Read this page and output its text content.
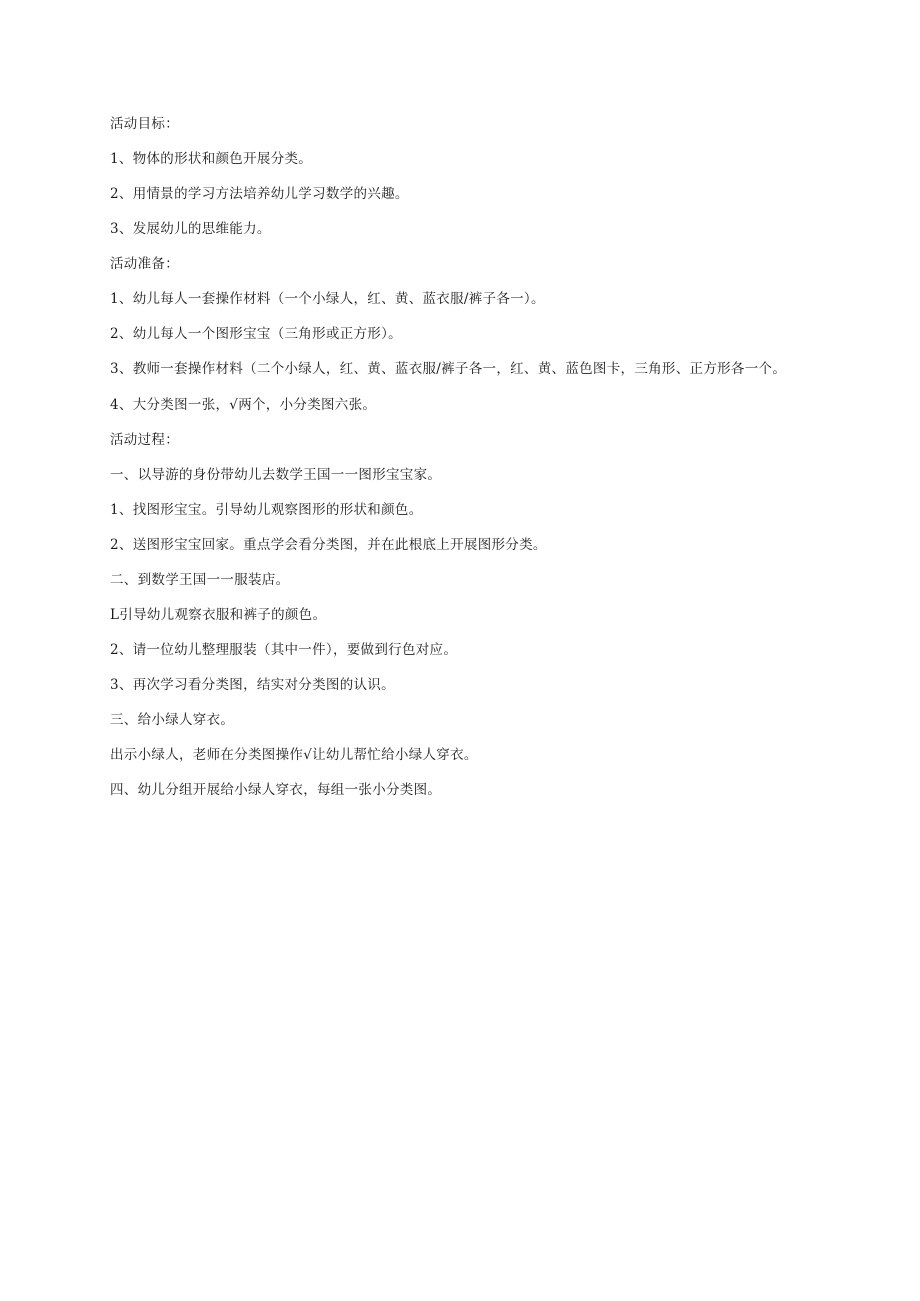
活动目标：

1、物体的形状和颜色开展分类。

2、用情景的学习方法培养幼儿学习数学的兴趣。

3、发展幼儿的思维能力。

活动准备：

1、幼儿每人一套操作材料（一个小绿人，红、黄、蓝衣服/裤子各一）。

2、幼儿每人一个图形宝宝（三角形或正方形）。

3、教师一套操作材料（二个小绿人，红、黄、蓝衣服/裤子各一，红、黄、蓝色图卡，三角形、正方形各一个。

4、大分类图一张，√两个，小分类图六张。

活动过程：

一、以导游的身份带幼儿去数学王国一一图形宝宝家。

1、找图形宝宝。引导幼儿观察图形的形状和颜色。

2、送图形宝宝回家。重点学会看分类图，并在此根底上开展图形分类。

二、到数学王国一一服装店。

L引导幼儿观察衣服和裤子的颜色。

2、请一位幼儿整理服装（其中一件），要做到行色对应。

3、再次学习看分类图，结实对分类图的认识。

三、给小绿人穿衣。

出示小绿人，老师在分类图操作√让幼儿帮忙给小绿人穿衣。

四、幼儿分组开展给小绿人穿衣，每组一张小分类图。
